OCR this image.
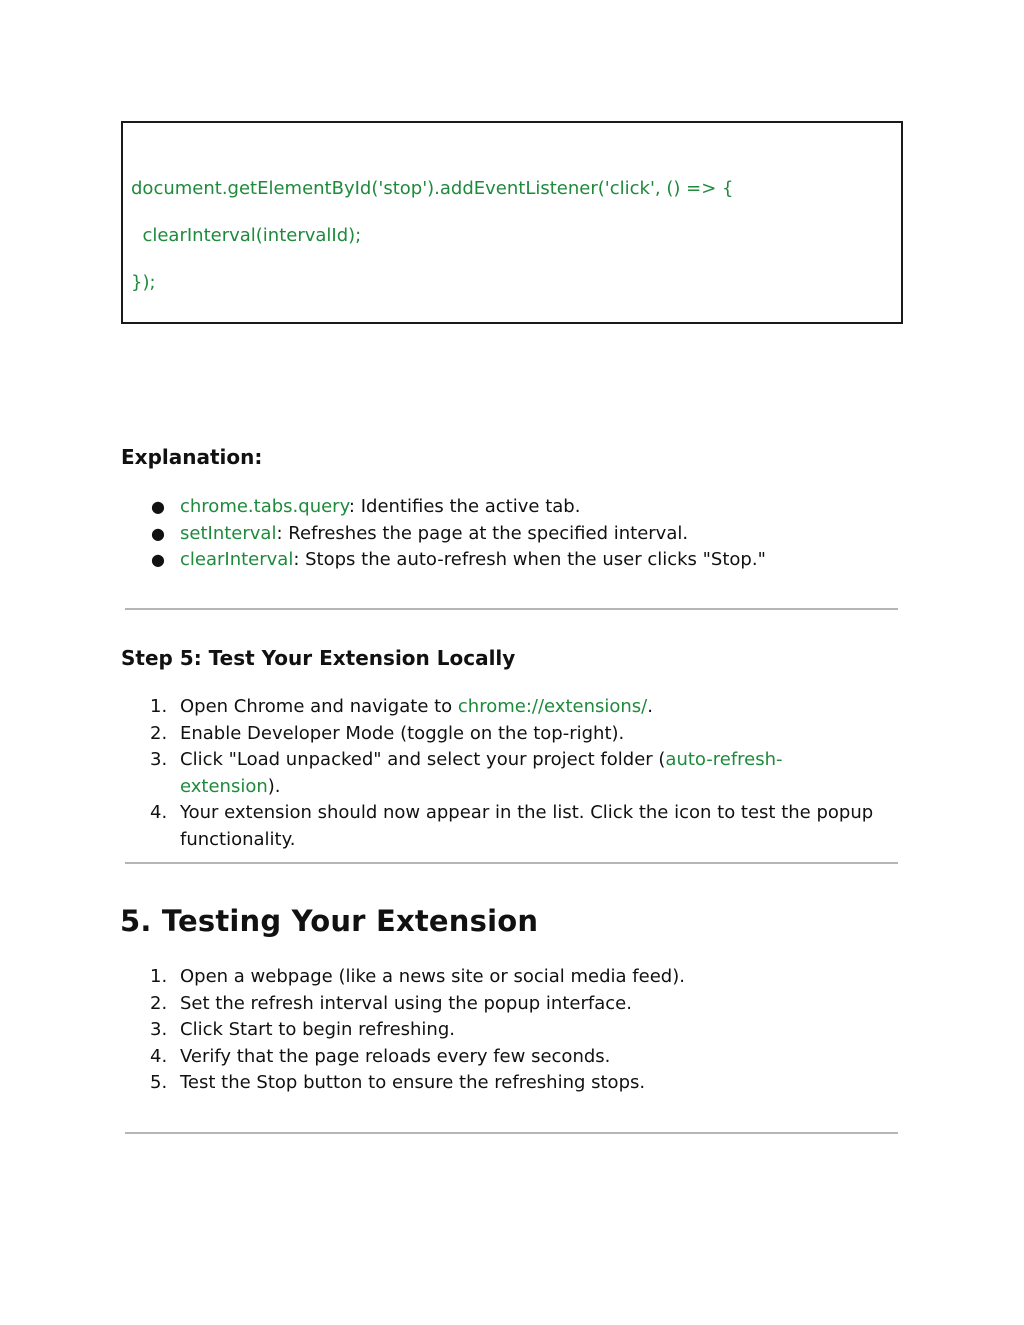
document.getElementById('stop').addEventListener('click', () => {
clearInterval(intervalId);
});
Explanation:
● chrome.tabs.query: Identifies the active tab.
● setInterval: Refreshes the page at the specified interval.
● clearInterval: Stops the auto-refresh when the user clicks "Stop."
Step 5: Test Your Extension Locally
1. Open Chrome and navigate to chrome://extensions/.
2. Enable Developer Mode (toggle on the top-right).
3. Click "Load unpacked" and select your project folder (auto-refresh-extension).
4. Your extension should now appear in the list. Click the icon to test the popup functionality.
5. Testing Your Extension
1. Open a webpage (like a news site or social media feed).
2. Set the refresh interval using the popup interface.
3. Click Start to begin refreshing.
4. Verify that the page reloads every few seconds.
5. Test the Stop button to ensure the refreshing stops.
